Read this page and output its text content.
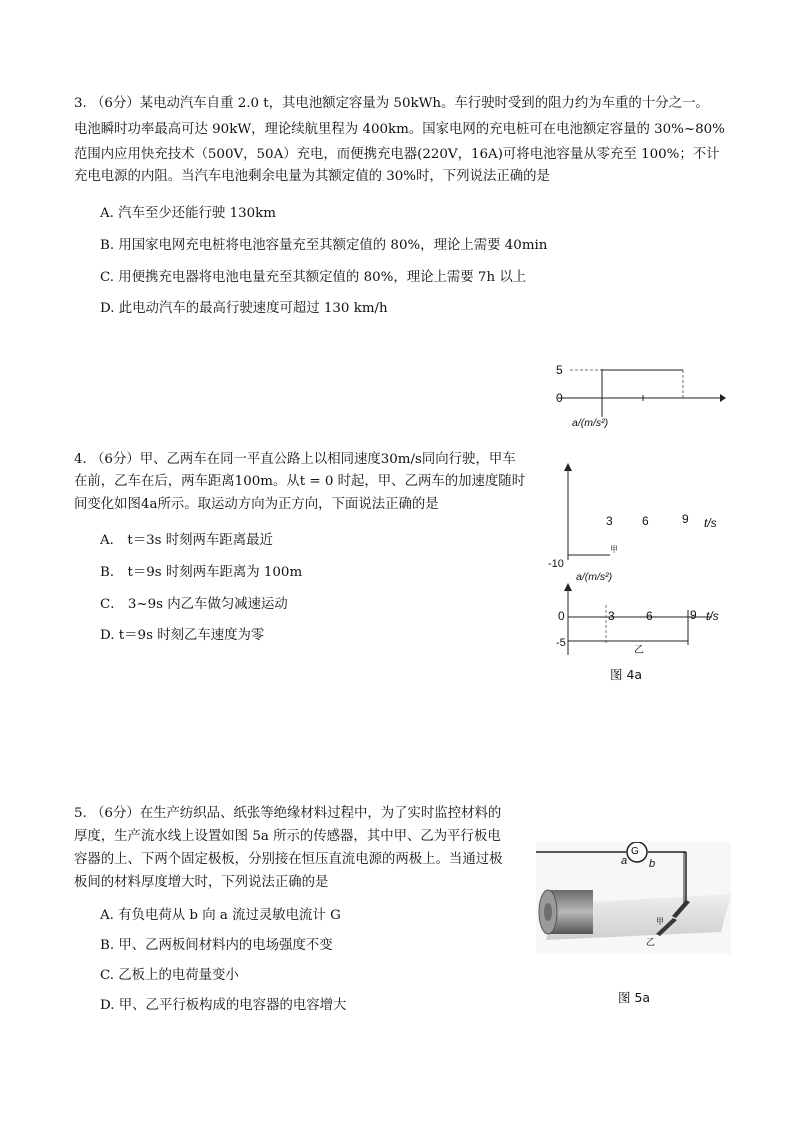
3. （6分）某电动汽车自重 2.0 t，其电池额定容量为 50kWh。车行驶时受到的阻力约为车重的十分之一。
电池瞬时功率最高可达 90kW，理论续航里程为 400km。国家电网的充电桩可在电池额定容量的 30%~80%
范围内应用快充技术（500V，50A）充电，而便携充电器(220V，16A)可将电池容量从零充至 100%；不计
充电电源的内阻。当汽车电池剩余电量为其额定值的 30%时，下列说法正确的是
A. 汽车至少还能行驶 130km
B. 用国家电网充电桩将电池容量充至其额定值的 80%，理论上需要 40min
C. 用便携充电器将电池电量充至其额定值的 80%，理论上需要 7h 以上
D. 此电动汽车的最高行驶速度可超过 130 km/h
4. （6分）甲、乙两车在同一平直公路上以相同速度30m/s同向行驶，甲车
在前，乙车在后，两车距离100m。从t = 0 时起，甲、乙两车的加速度随时
间变化如图4a所示。取运动方向为正方向，下面说法正确的是
A． t＝3s 时刻两车距离最近
B． t＝9s 时刻两车距离为 100m
C． 3~9s 内乙车做匀减速运动
D. t＝9s 时刻乙车速度为零
5
0
a/(m/s²)
3 6	9 t/s
甲
-10
a/(m/s²)
0	3	6	9 t/s
-5
乙
图 4a
5. （6分）在生产纺织品、纸张等绝缘材料过程中，为了实时监控材料的
厚度，生产流水线上设置如图 5a 所示的传感器，其中甲、乙为平行板电
容器的上、下两个固定极板，分别接在恒压直流电源的两极上。当通过极
板间的材料厚度增大时，下列说法正确的是
A. 有负电荷从 b 向 a 流过灵敏电流计 G
B. 甲、乙两板间材料内的电场强度不变
C. 乙板上的电荷量变小
D. 甲、乙平行板构成的电容器的电容增大
G
a b
甲
乙
图 5a
